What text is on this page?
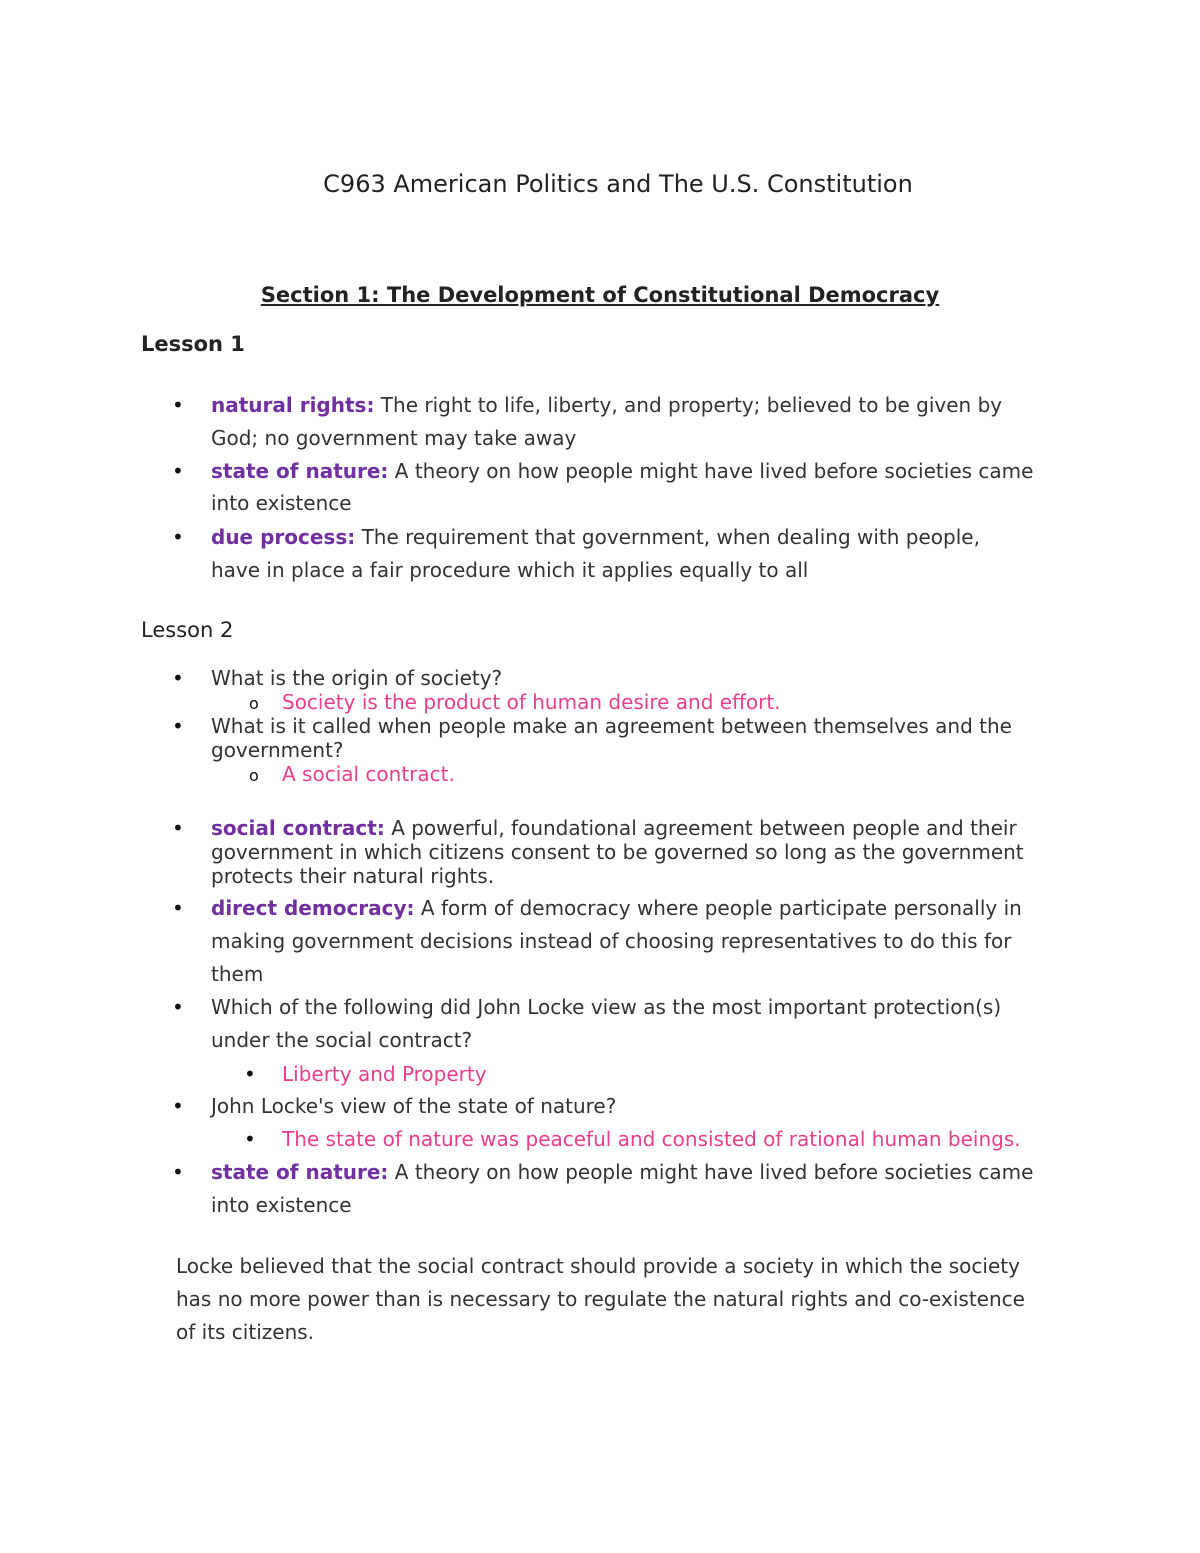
C963 American Politics and The U.S. Constitution
Section 1: The Development of Constitutional Democracy
Lesson 1
• natural rights: The right to life, liberty, and property; believed to be given by
God; no government may take away
• state of nature: A theory on how people might have lived before societies came
into existence
• due process: The requirement that government, when dealing with people,
have in place a fair procedure which it applies equally to all
Lesson 2
• What is the origin of society?
o Society is the product of human desire and effort.
• What is it called when people make an agreement between themselves and the
government?
o A social contract.
• social contract: A powerful, foundational agreement between people and their
government in which citizens consent to be governed so long as the government
protects their natural rights.
• direct democracy: A form of democracy where people participate personally in
making government decisions instead of choosing representatives to do this for
them
• Which of the following did John Locke view as the most important protection(s)
under the social contract?
• Liberty and Property
• John Locke's view of the state of nature?
• The state of nature was peaceful and consisted of rational human beings.
• state of nature: A theory on how people might have lived before societies came
into existence
Locke believed that the social contract should provide a society in which the society
has no more power than is necessary to regulate the natural rights and co-existence
of its citizens.
